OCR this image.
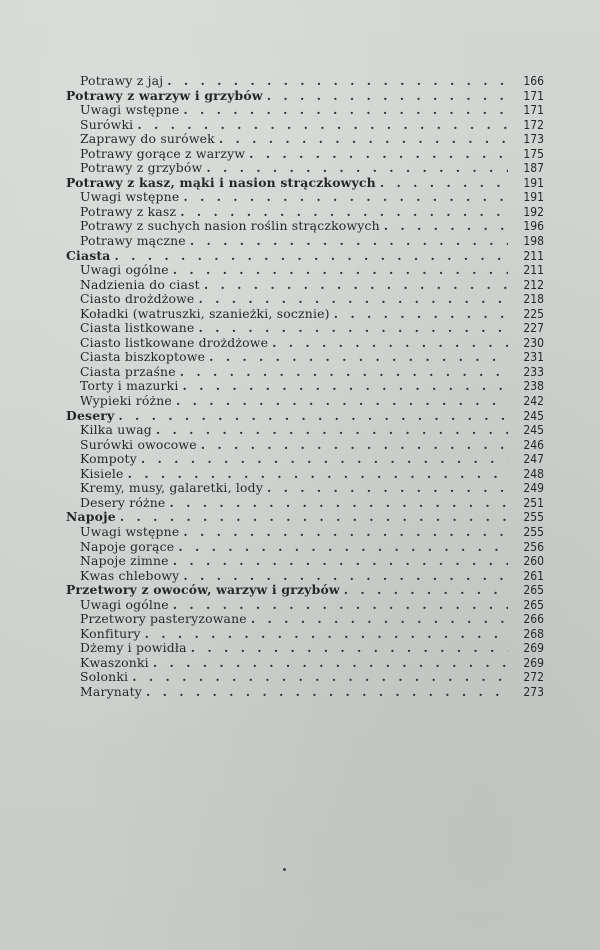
Potrawy z jaj . . .	166
Potrawy z warzyw i grzybów . . .	171
Uwagi wstępne . . .	171
Surówki . . .	172
Zaprawy do surówek . . .	173
Potrawy gorące z warzyw . . .	175
Potrawy z grzybów . . .	187
Potrawy z kasz, mąki i nasion strączkowych . . .	191
Uwagi wstępne . . .	191
Potrawy z kasz . . .	192
Potrawy z suchych nasion roślin strączkowych . . .	196
Potrawy mączne . . .	198
Ciasta . . .	211
Uwagi ogólne . . .	211
Nadzienia do ciast . . .	212
Ciasto drożdżowe . . .	218
Koładki (watruszki, szanieżki, socznie) . . .	225
Ciasta listkowane . . .	227
Ciasto listkowane drożdżowe . . .	230
Ciasta biszkoptowe . . .	231
Ciasta przaśne . . .	233
Torty i mazurki . . .	238
Wypieki różne . . .	242
Desery . . .	245
Kilka uwag . . .	245
Surówki owocowe . . .	246
Kompoty . . .	247
Kisiele . . .	248
Kremy, musy, galaretki, lody . . .	249
Desery różne . . .	251
Napoje . . .	255
Uwagi wstępne . . .	255
Napoje gorące . . .	256
Napoje zimne . . .	260
Kwas chlebowy . . .	261
Przetwory z owoców, warzyw i grzybów . . .	265
Uwagi ogólne . . .	265
Przetwory pasteryzowane . . .	266
Konfitury . . .	268
Dżemy i powidła . . .	269
Kwaszonki . . .	269
Solonki . . .	272
Marynaty . . .	273
